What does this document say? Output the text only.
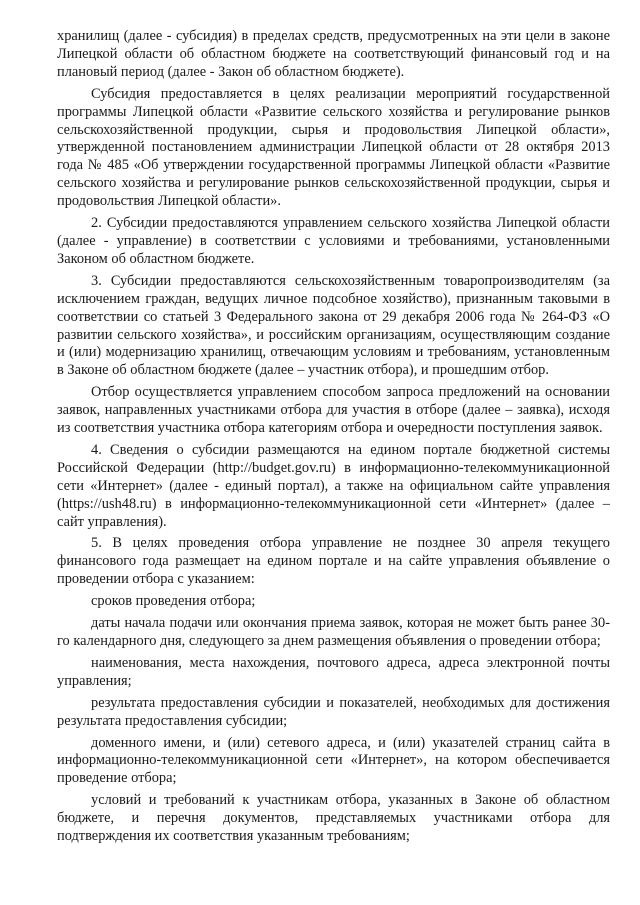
хранилищ (далее - субсидия) в пределах средств, предусмотренных на эти цели в законе Липецкой области об областном бюджете на соответствующий финансовый год и на плановый период (далее - Закон об областном бюджете).

Субсидия предоставляется в целях реализации мероприятий государственной программы Липецкой области «Развитие сельского хозяйства и регулирование рынков сельскохозяйственной продукции, сырья и продовольствия Липецкой области», утвержденной постановлением администрации Липецкой области от 28 октября 2013 года № 485 «Об утверждении государственной программы Липецкой области «Развитие сельского хозяйства и регулирование рынков сельскохозяйственной продукции, сырья и продовольствия Липецкой области».

2. Субсидии предоставляются управлением сельского хозяйства Липецкой области (далее - управление) в соответствии с условиями и требованиями, установленными Законом об областном бюджете.

3. Субсидии предоставляются сельскохозяйственным товаропроизводителям (за исключением граждан, ведущих личное подсобное хозяйство), признанным таковыми в соответствии со статьей 3 Федерального закона от 29 декабря 2006 года № 264-ФЗ «О развитии сельского хозяйства», и российским организациям, осуществляющим создание и (или) модернизацию хранилищ, отвечающим условиям и требованиям, установленным в Законе об областном бюджете (далее – участник отбора), и прошедшим отбор.

Отбор осуществляется управлением способом запроса предложений на основании заявок, направленных участниками отбора для участия в отборе (далее – заявка), исходя из соответствия участника отбора категориям отбора и очередности поступления заявок.

4. Сведения о субсидии размещаются на едином портале бюджетной системы Российской Федерации (http://budget.gov.ru) в информационно-телекоммуникационной сети «Интернет» (далее - единый портал), а также на официальном сайте управления (https://ush48.ru) в информационно-телекоммуникационной сети «Интернет» (далее – сайт управления).

5. В целях проведения отбора управление не позднее 30 апреля текущего финансового года размещает на едином портале и на сайте управления объявление о проведении отбора с указанием:

сроков проведения отбора;

даты начала подачи или окончания приема заявок, которая не может быть ранее 30-го календарного дня, следующего за днем размещения объявления о проведении отбора;

наименования, места нахождения, почтового адреса, адреса электронной почты управления;

результата предоставления субсидии и показателей, необходимых для достижения результата предоставления субсидии;

доменного имени, и (или) сетевого адреса, и (или) указателей страниц сайта в информационно-телекоммуникационной сети «Интернет», на котором обеспечивается проведение отбора;

условий и требований к участникам отбора, указанных в Законе об областном бюджете, и перечня документов, представляемых участниками отбора для подтверждения их соответствия указанным требованиям;
